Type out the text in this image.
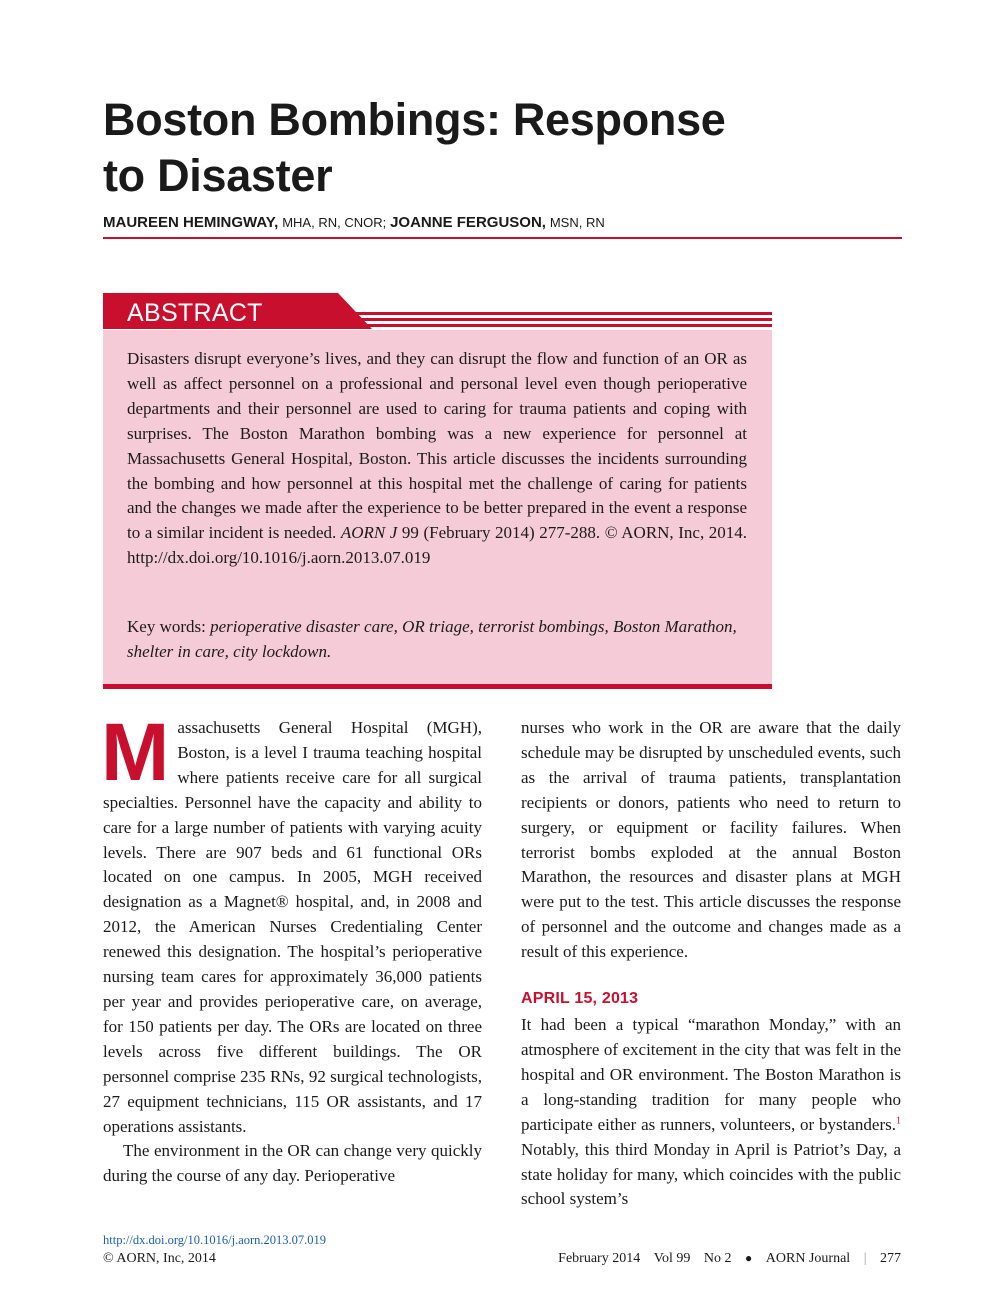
Boston Bombings: Response
to Disaster
MAUREEN HEMINGWAY, MHA, RN, CNOR; JOANNE FERGUSON, MSN, RN
ABSTRACT
Disasters disrupt everyone’s lives, and they can disrupt the flow and function of an OR as well as affect personnel on a professional and personal level even though perioperative departments and their personnel are used to caring for trauma patients and coping with surprises. The Boston Marathon bombing was a new experience for personnel at Massachusetts General Hospital, Boston. This article discusses the incidents surrounding the bombing and how personnel at this hospital met the challenge of caring for patients and the changes we made after the experience to be better prepared in the event a response to a similar incident is needed. AORN J 99 (February 2014) 277-288. © AORN, Inc, 2014. http://dx.doi.org/10.1016/j.aorn.2013.07.019
Key words: perioperative disaster care, OR triage, terrorist bombings, Boston Marathon, shelter in care, city lockdown.

Massachusetts General Hospital (MGH), Boston, is a level I trauma teaching hospital where patients receive care for all surgical specialties. Personnel have the capacity and ability to care for a large number of patients with varying acuity levels. There are 907 beds and 61 functional ORs located on one campus. In 2005, MGH received designation as a Magnet® hospital, and, in 2008 and 2012, the American Nurses Credentialing Center renewed this designation. The hospital’s perioperative nursing team cares for approximately 36,000 patients per year and provides perioperative care, on average, for 150 patients per day. The ORs are located on three levels across five different buildings. The OR personnel comprise 235 RNs, 92 surgical technologists, 27 equipment technicians, 115 OR assistants, and 17 operations assistants.

The environment in the OR can change very quickly during the course of any day. Perioperative

nurses who work in the OR are aware that the daily schedule may be disrupted by unscheduled events, such as the arrival of trauma patients, transplantation recipients or donors, patients who need to return to surgery, or equipment or facility failures. When terrorist bombs exploded at the annual Boston Marathon, the resources and disaster plans at MGH were put to the test. This article discusses the response of personnel and the outcome and changes made as a result of this experience.

APRIL 15, 2013

It had been a typical “marathon Monday,” with an atmosphere of excitement in the city that was felt in the hospital and OR environment. The Boston Marathon is a long-standing tradition for many people who participate either as runners, volunteers, or bystanders.$^1$ Notably, this third Monday in April is Patriot’s Day, a state holiday for many, which coincides with the public school system’s

http://dx.doi.org/10.1016/j.aorn.2013.07.019
© AORN, Inc, 2014	February 2014 Vol 99 No 2 ● AORN Journal | 277
